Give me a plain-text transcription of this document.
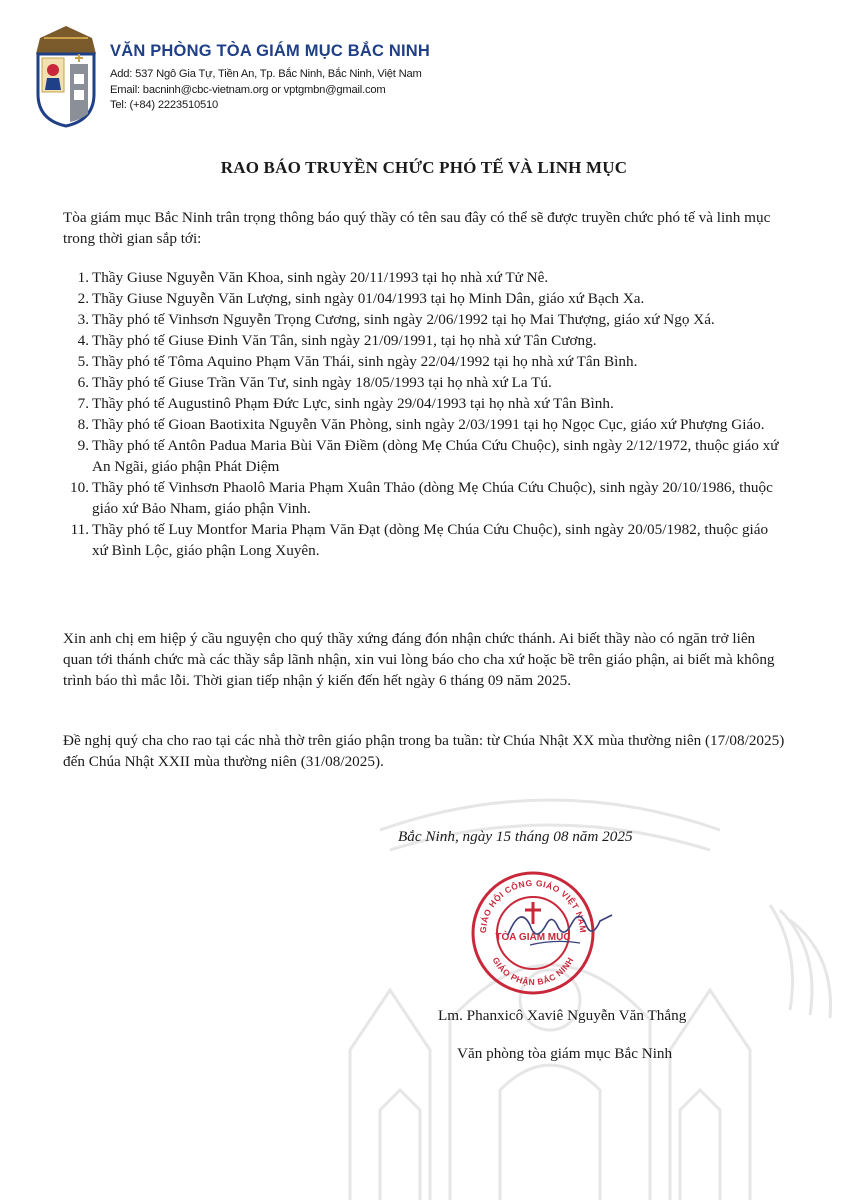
VĂN PHÒNG TÒA GIÁM MỤC BẮC NINH
Add: 537 Ngô Gia Tự, Tiền An, Tp. Bắc Ninh, Bắc Ninh, Việt Nam
Email: bacninh@cbc-vietnam.org or vptgmbn@gmail.com
Tel: (+84) 2223510510
RAO BÁO TRUYỀN CHỨC PHÓ TẾ VÀ LINH MỤC
Tòa giám mục Bắc Ninh trân trọng thông báo quý thầy có tên sau đây có thể sẽ được truyền chức phó tế và linh mục trong thời gian sắp tới:
1 . Thầy Giuse Nguyễn Văn Khoa, sinh ngày 20/11/1993 tại họ nhà xứ Tử Nê.
2 . Thầy Giuse Nguyễn Văn Lượng, sinh ngày 01/04/1993 tại họ Minh Dân, giáo xứ Bạch Xa.
3 . Thầy phó tế Vinhsơn Nguyễn Trọng Cương, sinh ngày 2/06/1992 tại họ Mai Thượng, giáo xứ Ngọ Xá.
4 . Thầy phó tế Giuse Đinh Văn Tân, sinh ngày 21/09/1991, tại họ nhà xứ Tân Cương.
5 . Thầy phó tế Tôma Aquino Phạm Văn Thái, sinh ngày 22/04/1992 tại họ nhà xứ Tân Bình.
6 . Thầy phó tế Giuse Trần Văn Tư, sinh ngày 18/05/1993 tại họ nhà xứ La Tú.
7 . Thầy phó tế Augustinô Phạm Đức Lực, sinh ngày 29/04/1993 tại họ nhà xứ Tân Bình.
8 . Thầy phó tế Gioan Baotixita Nguyễn Văn Phòng, sinh ngày 2/03/1991 tại họ Ngọc Cục, giáo xứ Phượng Giáo.
9 . Thầy phó tế Antôn Padua Maria Bùi Văn Điềm (dòng Mẹ Chúa Cứu Chuộc), sinh ngày 2/12/1972, thuộc giáo xứ An Ngãi, giáo phận Phát Diệm
10 . Thầy phó tế Vinhsơn Phaolô Maria Phạm Xuân Thảo (dòng Mẹ Chúa Cứu Chuộc), sinh ngày 20/10/1986, thuộc giáo xứ Bảo Nham, giáo phận Vinh.
11 . Thầy phó tế Luy Montfor Maria Phạm Văn Đạt (dòng Mẹ Chúa Cứu Chuộc), sinh ngày 20/05/1982, thuộc giáo xứ Bình Lộc, giáo phận Long Xuyên.
Xin anh chị em hiệp ý cầu nguyện cho quý thầy xứng đáng đón nhận chức thánh. Ai biết thầy nào có ngăn trở liên quan tới thánh chức mà các thầy sắp lãnh nhận, xin vui lòng báo cho cha xứ hoặc bề trên giáo phận, ai biết mà không trình báo thì mắc lỗi. Thời gian tiếp nhận ý kiến đến hết ngày 6 tháng 09 năm 2025.
Đề nghị quý cha cho rao tại các nhà thờ trên giáo phận trong ba tuần: từ Chúa Nhật XX mùa thường niên (17/08/2025) đến Chúa Nhật XXII mùa thường niên (31/08/2025).
Bắc Ninh, ngày 15 tháng 08 năm 2025
GIÁO HỘI CÔNG GIÁO VIỆT NAM
GIÁO PHẬN BẮC NINH
TÒA GIÁM MỤC
Lm. Phanxicô Xaviê Nguyễn Văn Thắng
Văn phòng tòa giám mục Bắc Ninh
